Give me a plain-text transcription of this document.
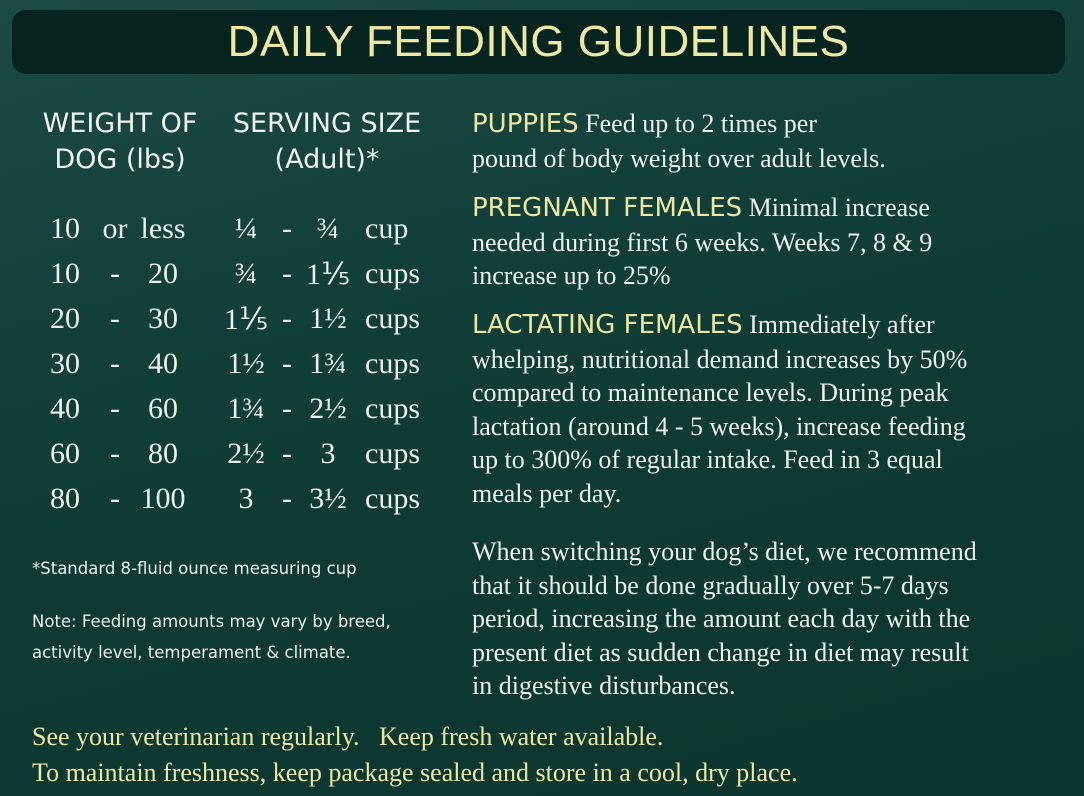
DAILY FEEDING GUIDELINES
WEIGHT OF
DOG (lbs)
SERVING SIZE
(Adult)*
10 or less	¼ - ¾ cup
10	- 20	¾ - 1⅕ cups
20	- 30	1⅕ - 1½ cups
30	- 40	1½ - 1¾ cups
40	- 60	1¾ - 2½ cups
60	- 80	2½ - 3 cups
80	- 100	3 - 3½ cups
*Standard 8-fluid ounce measuring cup
Note: Feeding amounts may vary by breed,
activity level, temperament & climate.
PUPPIES Feed up to 2 times per
pound of body weight over adult levels.
PREGNANT FEMALES Minimal increase
needed during first 6 weeks. Weeks 7, 8 & 9
increase up to 25%
LACTATING FEMALES Immediately after
whelping, nutritional demand increases by 50%
compared to maintenance levels. During peak
lactation (around 4 - 5 weeks), increase feeding
up to 300% of regular intake. Feed in 3 equal
meals per day.
When switching your dog’s diet, we recommend
that it should be done gradually over 5-7 days
period, increasing the amount each day with the
present diet as sudden change in diet may result
in digestive disturbances.
See your veterinarian regularly.   Keep fresh water available.
To maintain freshness, keep package sealed and store in a cool, dry place.
